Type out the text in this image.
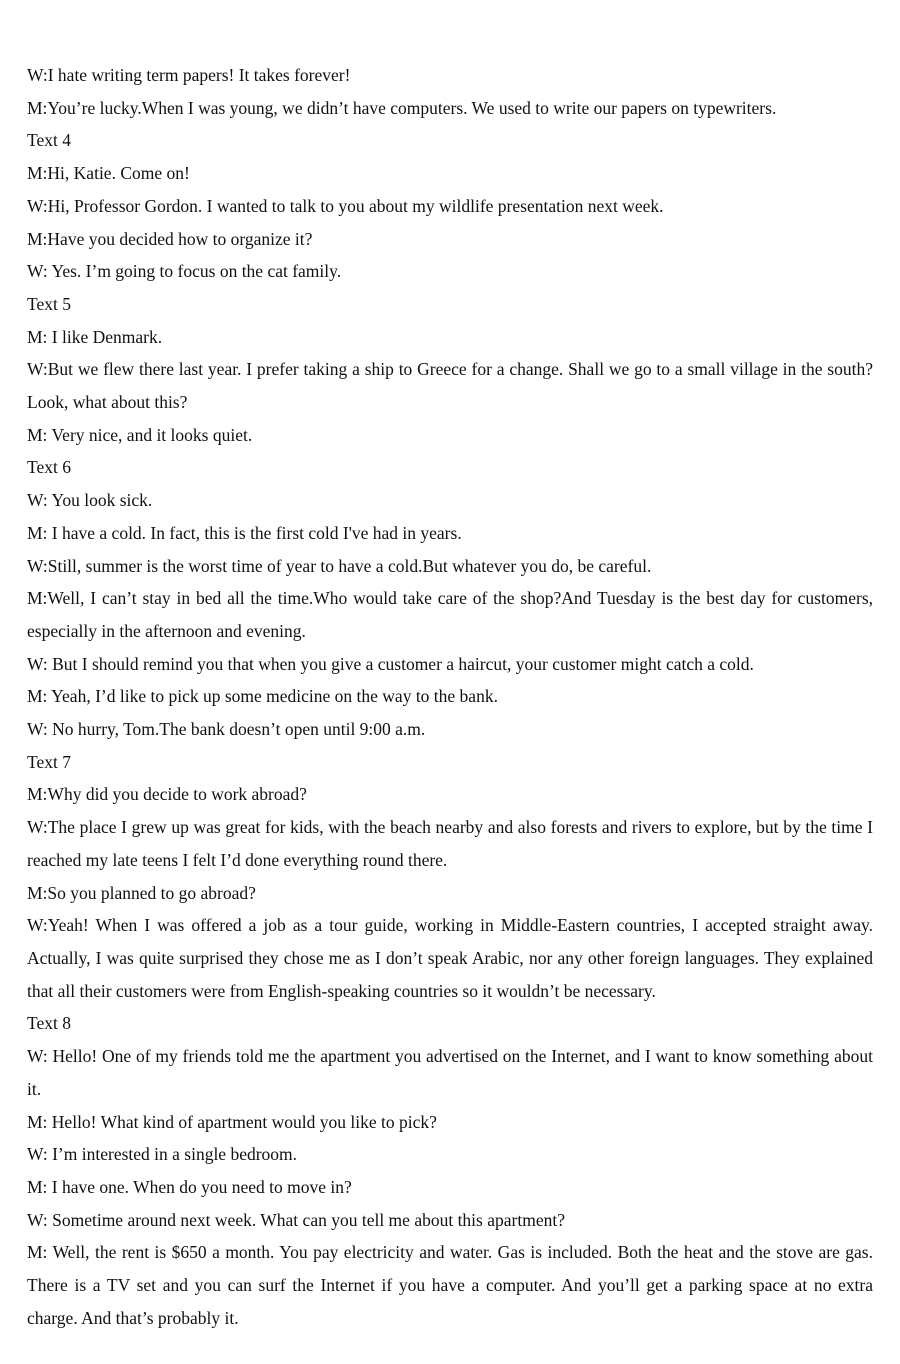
W:I hate writing term papers! It takes forever!

M:You’re lucky.When I was young, we didn’t have computers. We used to write our papers on typewriters.

Text 4

M:Hi, Katie. Come on!

W:Hi, Professor Gordon. I wanted to talk to you about my wildlife presentation next week.

M:Have you decided how to organize it?

W: Yes. I’m going to focus on the cat family.

Text 5

M: I like Denmark.

W:But we flew there last year. I prefer taking a ship to Greece for a change. Shall we go to a small village in the south? Look, what about this?

M: Very nice, and it looks quiet.

Text 6

W: You look sick.

M: I have a cold. In fact, this is the first cold I've had in years.

W:Still, summer is the worst time of year to have a cold.But whatever you do, be careful.

M:Well, I can’t stay in bed all the time.Who would take care of the shop?And Tuesday is the best day for customers, especially in the afternoon and evening.

W: But I should remind you that when you give a customer a haircut, your customer might catch a cold.

M: Yeah, I’d like to pick up some medicine on the way to the bank.

W: No hurry, Tom.The bank doesn’t open until 9:00 a.m.

Text 7

M:Why did you decide to work abroad?

W:The place I grew up was great for kids, with the beach nearby and also forests and rivers to explore, but by the time I reached my late teens I felt I’d done everything round there.

M:So you planned to go abroad?

W:Yeah! When I was offered a job as a tour guide, working in Middle-Eastern countries, I accepted straight away. Actually, I was quite surprised they chose me as I don’t speak Arabic, nor any other foreign languages. They explained that all their customers were from English-speaking countries so it wouldn’t be necessary.

Text 8

W: Hello! One of my friends told me the apartment you advertised on the Internet, and I want to know something about it.

M: Hello! What kind of apartment would you like to pick?

W: I’m interested in a single bedroom.

M: I have one. When do you need to move in?

W: Sometime around next week. What can you tell me about this apartment?

M: Well, the rent is $650 a month. You pay electricity and water. Gas is included. Both the heat and the stove are gas. There is a TV set and you can surf the Internet if you have a computer. And you’ll get a parking space at no extra charge. And that’s probably it.
